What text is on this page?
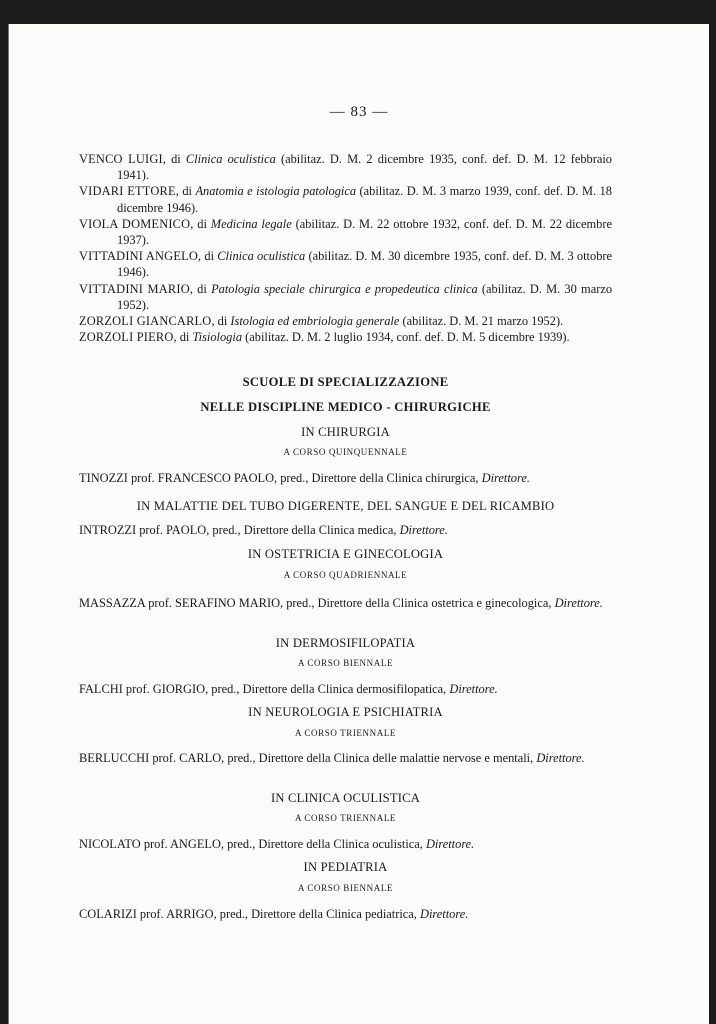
— 83 —
VENCO LUIGI, di Clinica oculistica (abilitaz. D. M. 2 dicembre 1935, conf. def. D. M. 12 febbraio 1941).
VIDARI ETTORE, di Anatomia e istologia patologica (abilitaz. D. M. 3 marzo 1939, conf. def. D. M. 18 dicembre 1946).
VIOLA DOMENICO, di Medicina legale (abilitaz. D. M. 22 ottobre 1932, conf. def. D. M. 22 dicembre 1937).
VITTADINI ANGELO, di Clinica oculistica (abilitaz. D. M. 30 dicembre 1935, conf. def. D. M. 3 ottobre 1946).
VITTADINI MARIO, di Patologia speciale chirurgica e propedeutica clinica (abilitaz. D. M. 30 marzo 1952).
ZORZOLI GIANCARLO, di Istologia ed embriologia generale (abilitaz. D. M. 21 marzo 1952).
ZORZOLI PIERO, di Tisiologia (abilitaz. D. M. 2 luglio 1934, conf. def. D. M. 5 dicembre 1939).
SCUOLE DI SPECIALIZZAZIONE
NELLE DISCIPLINE MEDICO - CHIRURGICHE
IN CHIRURGIA
A CORSO QUINQUENNALE
TINOZZI prof. FRANCESCO PAOLO, pred., Direttore della Clinica chirurgica, Direttore.
IN MALATTIE DEL TUBO DIGERENTE, DEL SANGUE E DEL RICAMBIO
INTROZZI prof. PAOLO, pred., Direttore della Clinica medica, Direttore.
IN OSTETRICIA E GINECOLOGIA
A CORSO QUADRIENNALE
MASSAZZA prof. SERAFINO MARIO, pred., Direttore della Clinica ostetrica e ginecologica, Direttore.
IN DERMOSIFILOPATIA
A CORSO BIENNALE
FALCHI prof. GIORGIO, pred., Direttore della Clinica dermosifilopatica, Direttore.
IN NEUROLOGIA E PSICHIATRIA
A CORSO TRIENNALE
BERLUCCHI prof. CARLO, pred., Direttore della Clinica delle malattie nervose e mentali, Direttore.
IN CLINICA OCULISTICA
A CORSO TRIENNALE
NICOLATO prof. ANGELO, pred., Direttore della Clinica oculistica, Direttore.
IN PEDIATRIA
A CORSO BIENNALE
COLARIZI prof. ARRIGO, pred., Direttore della Clinica pediatrica, Direttore.
